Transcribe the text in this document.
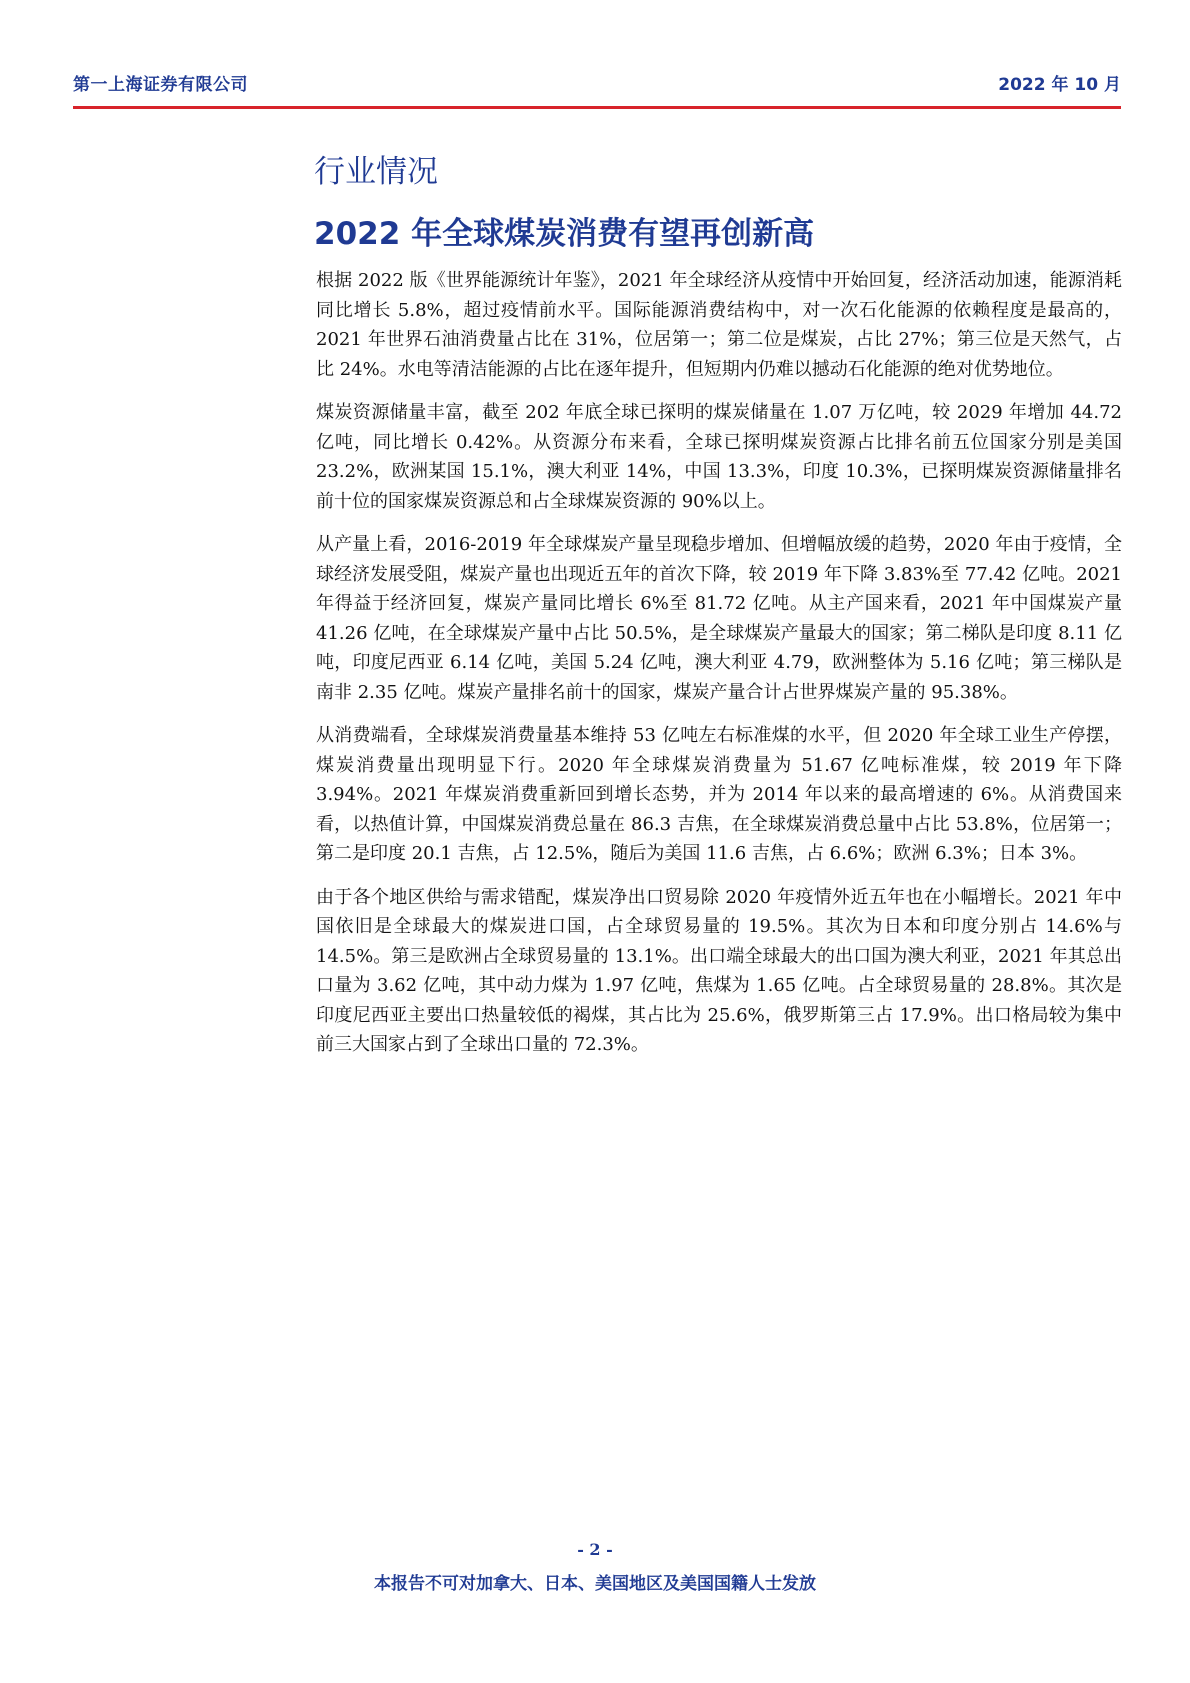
第一上海证券有限公司	2022 年 10 月
行业情况
2022 年全球煤炭消费有望再创新高

根据 2022 版《世界能源统计年鉴》，2021 年全球经济从疫情中开始回复，经济活动加速，能源消耗同比增长 5.8%，超过疫情前水平。国际能源消费结构中，对一次石化能源的依赖程度是最高的，2021 年世界石油消费量占比在 31%，位居第一；第二位是煤炭，占比 27%；第三位是天然气，占比 24%。水电等清洁能源的占比在逐年提升，但短期内仍难以撼动石化能源的绝对优势地位。

煤炭资源储量丰富，截至 202 年底全球已探明的煤炭储量在 1.07 万亿吨，较 2029 年增加 44.72 亿吨，同比增长 0.42%。从资源分布来看，全球已探明煤炭资源占比排名前五位国家分别是美国 23.2%，欧洲某国 15.1%，澳大利亚 14%，中国 13.3%，印度 10.3%，已探明煤炭资源储量排名前十位的国家煤炭资源总和占全球煤炭资源的 90%以上。

从产量上看，2016-2019 年全球煤炭产量呈现稳步增加、但增幅放缓的趋势，2020 年由于疫情，全球经济发展受阻，煤炭产量也出现近五年的首次下降，较 2019 年下降 3.83%至 77.42 亿吨。2021 年得益于经济回复，煤炭产量同比增长 6%至 81.72 亿吨。从主产国来看，2021 年中国煤炭产量 41.26 亿吨，在全球煤炭产量中占比 50.5%，是全球煤炭产量最大的国家；第二梯队是印度 8.11 亿吨，印度尼西亚 6.14 亿吨，美国 5.24 亿吨，澳大利亚 4.79，欧洲整体为 5.16 亿吨；第三梯队是南非 2.35 亿吨。煤炭产量排名前十的国家，煤炭产量合计占世界煤炭产量的 95.38%。

从消费端看，全球煤炭消费量基本维持 53 亿吨左右标准煤的水平，但 2020 年全球工业生产停摆，煤炭消费量出现明显下行。2020 年全球煤炭消费量为 51.67 亿吨标准煤，较 2019 年下降 3.94%。2021 年煤炭消费重新回到增长态势，并为 2014 年以来的最高增速的 6%。从消费国来看，以热值计算，中国煤炭消费总量在 86.3 吉焦，在全球煤炭消费总量中占比 53.8%，位居第一；第二是印度 20.1 吉焦，占 12.5%，随后为美国 11.6 吉焦，占 6.6%；欧洲 6.3%；日本 3%。

由于各个地区供给与需求错配，煤炭净出口贸易除 2020 年疫情外近五年也在小幅增长。2021 年中国依旧是全球最大的煤炭进口国，占全球贸易量的 19.5%。其次为日本和印度分别占 14.6%与 14.5%。第三是欧洲占全球贸易量的 13.1%。出口端全球最大的出口国为澳大利亚，2021 年其总出口量为 3.62 亿吨，其中动力煤为 1.97 亿吨，焦煤为 1.65 亿吨。占全球贸易量的 28.8%。其次是印度尼西亚主要出口热量较低的褐煤，其占比为 25.6%，俄罗斯第三占 17.9%。出口格局较为集中前三大国家占到了全球出口量的 72.3%。

- 2 -
本报告不可对加拿大、日本、美国地区及美国国籍人士发放
